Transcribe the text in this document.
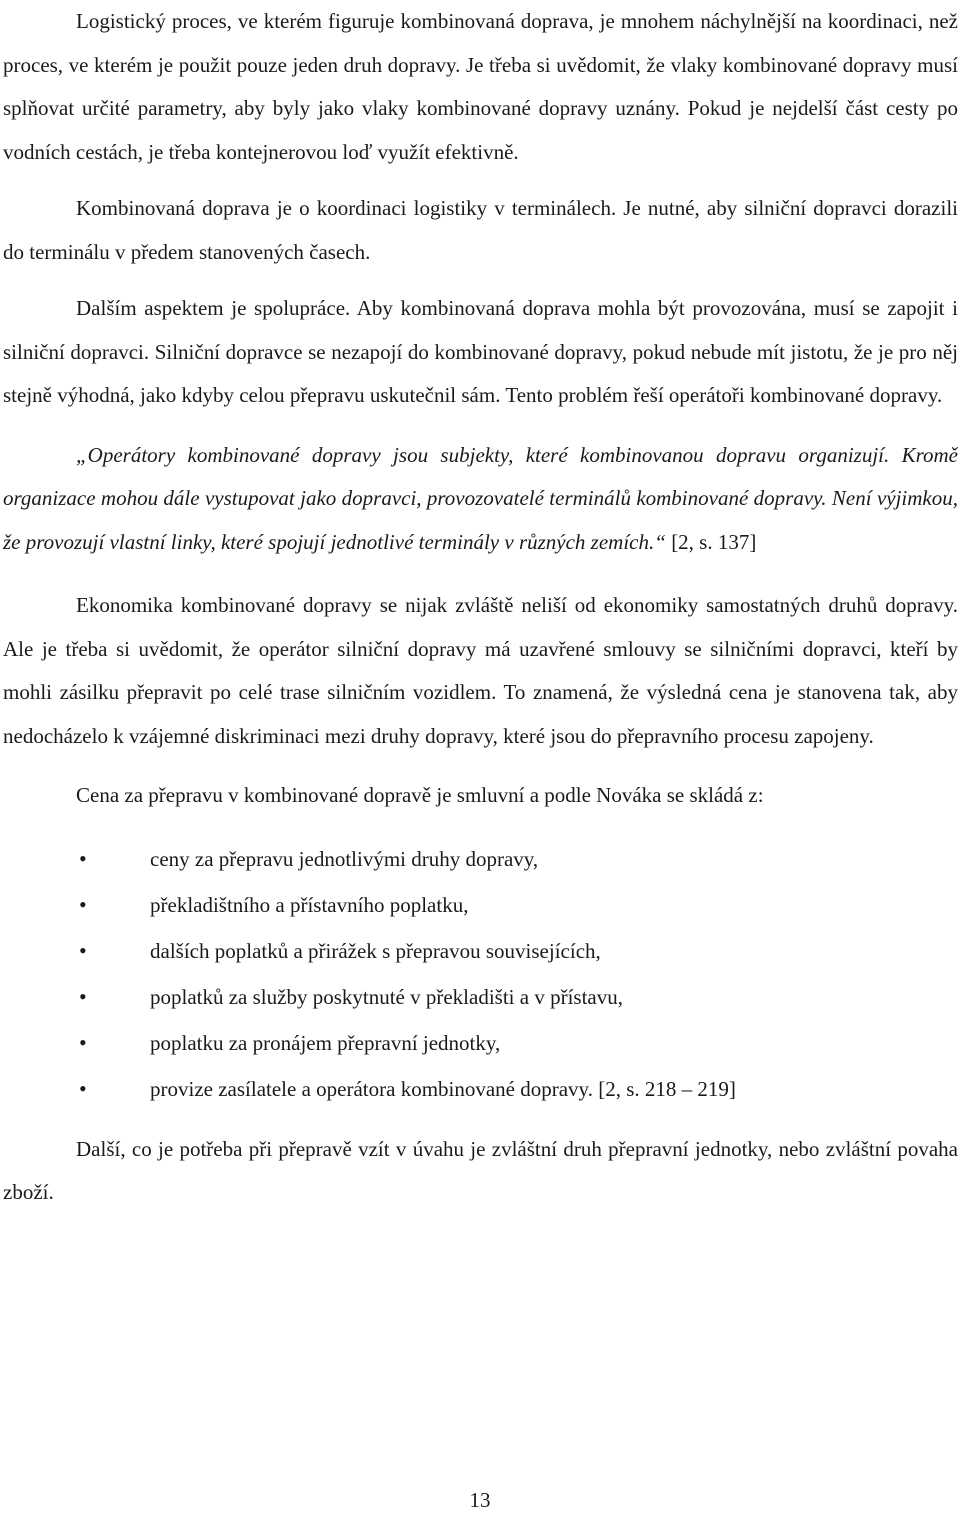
Logistický proces, ve kterém figuruje kombinovaná doprava, je mnohem náchylnější na koordinaci, než proces, ve kterém je použit pouze jeden druh dopravy. Je třeba si uvědomit, že vlaky kombinované dopravy musí splňovat určité parametry, aby byly jako vlaky kombinované dopravy uznány. Pokud je nejdelší část cesty po vodních cestách, je třeba kontejnerovou loď využít efektivně.

Kombinovaná doprava je o koordinaci logistiky v terminálech. Je nutné, aby silniční dopravci dorazili do terminálu v předem stanovených časech.

Dalším aspektem je spolupráce. Aby kombinovaná doprava mohla být provozována, musí se zapojit i silniční dopravci. Silniční dopravce se nezapojí do kombinované dopravy, pokud nebude mít jistotu, že je pro něj stejně výhodná, jako kdyby celou přepravu uskutečnil sám. Tento problém řeší operátoři kombinované dopravy.

„Operátory kombinované dopravy jsou subjekty, které kombinovanou dopravu organizují. Kromě organizace mohou dále vystupovat jako dopravci, provozovatelé terminálů kombinované dopravy. Není výjimkou, že provozují vlastní linky, které spojují jednotlivé terminály v různých zemích.“ [2, s. 137]

Ekonomika kombinované dopravy se nijak zvláště neliší od ekonomiky samostatných druhů dopravy. Ale je třeba si uvědomit, že operátor silniční dopravy má uzavřené smlouvy se silničními dopravci, kteří by mohli zásilku přepravit po celé trase silničním vozidlem. To znamená, že výsledná cena je stanovena tak, aby nedocházelo k vzájemné diskriminaci mezi druhy dopravy, které jsou do přepravního procesu zapojeny.

Cena za přepravu v kombinované dopravě je smluvní a podle Nováka se skládá z:

•	ceny za přepravu jednotlivými druhy dopravy,
•	překladištního a přístavního poplatku,
•	dalších poplatků a přirážek s přepravou souvisejících,
•	poplatků za služby poskytnuté v překladišti a v přístavu,
•	poplatku za pronájem přepravní jednotky,
•	provize zasílatele a operátora kombinované dopravy. [2, s. 218 – 219]

Další, co je potřeba při přepravě vzít v úvahu je zvláštní druh přepravní jednotky, nebo zvláštní povaha zboží.

13
